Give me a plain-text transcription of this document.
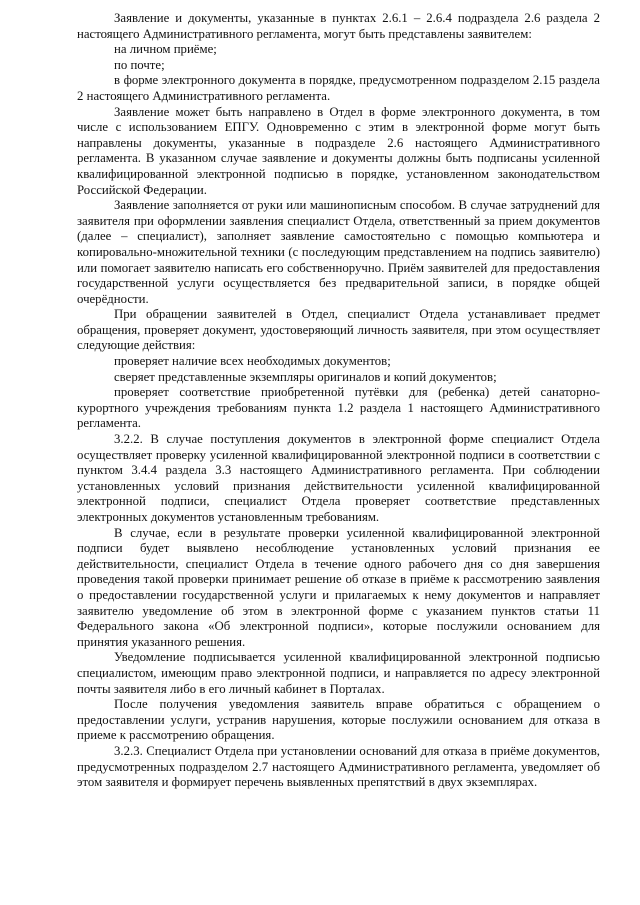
Заявление и документы, указанные в пунктах 2.6.1 – 2.6.4 подраздела 2.6 раздела 2 настоящего Административного регламента, могут быть представлены заявителем:

на личном приёме;

по почте;

в форме электронного документа в порядке, предусмотренном подразделом 2.15 раздела 2 настоящего Административного регламента.

Заявление может быть направлено в Отдел в форме электронного документа, в том числе с использованием ЕПГУ. Одновременно с этим в электронной форме могут быть направлены документы, указанные в подразделе 2.6 настоящего Административного регламента. В указанном случае заявление и документы должны быть подписаны усиленной квалифицированной электронной подписью в порядке, установленном законодательством Российской Федерации.

Заявление заполняется от руки или машинописным способом. В случае затруднений для заявителя при оформлении заявления специалист Отдела, ответственный за прием документов (далее – специалист), заполняет заявление самостоятельно с помощью компьютера и копировально-множительной техники (с последующим представлением на подпись заявителю) или помогает заявителю написать его собственноручно. Приём заявителей для предоставления государственной услуги осуществляется без предварительной записи, в порядке общей очерёдности.

При обращении заявителей в Отдел, специалист Отдела устанавливает предмет обращения, проверяет документ, удостоверяющий личность заявителя, при этом осуществляет следующие действия:

проверяет наличие всех необходимых документов;

сверяет представленные экземпляры оригиналов и копий документов;

проверяет соответствие приобретенной путёвки для (ребенка) детей санаторно-курортного учреждения требованиям пункта 1.2 раздела 1 настоящего Административного регламента.

3.2.2. В случае поступления документов в электронной форме специалист Отдела осуществляет проверку усиленной квалифицированной электронной подписи в соответствии с пунктом 3.4.4 раздела 3.3 настоящего Административного регламента. При соблюдении установленных условий признания действительности усиленной квалифицированной электронной подписи, специалист Отдела проверяет соответствие представленных электронных документов установленным требованиям.

В случае, если в результате проверки усиленной квалифицированной электронной подписи будет выявлено несоблюдение установленных условий признания ее действительности, специалист Отдела в течение одного рабочего дня со дня завершения проведения такой проверки принимает решение об отказе в приёме к рассмотрению заявления о предоставлении государственной услуги и прилагаемых к нему документов и направляет заявителю уведомление об этом в электронной форме с указанием пунктов статьи 11 Федерального закона «Об электронной подписи», которые послужили основанием для принятия указанного решения.

Уведомление подписывается усиленной квалифицированной электронной подписью специалистом, имеющим право электронной подписи, и направляется по адресу электронной почты заявителя либо в его личный кабинет в Порталах.

После получения уведомления заявитель вправе обратиться с обращением о предоставлении услуги, устранив нарушения, которые послужили основанием для отказа в приеме к рассмотрению обращения.

3.2.3. Специалист Отдела при установлении оснований для отказа в приёме документов, предусмотренных подразделом 2.7 настоящего Административного регламента, уведомляет об этом заявителя и формирует перечень выявленных препятствий в двух экземплярах.
